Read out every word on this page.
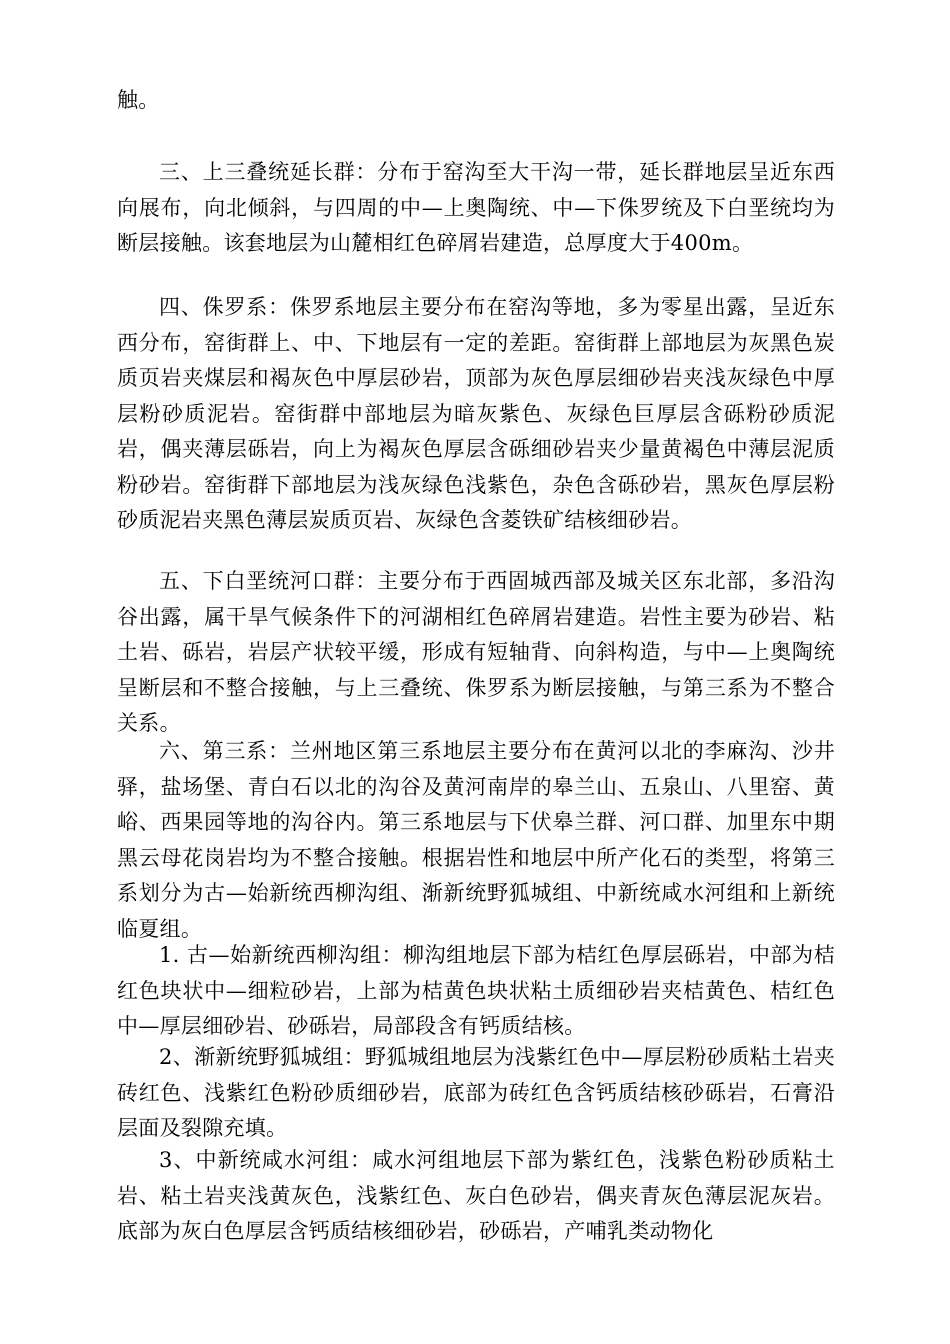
触。

三、上三叠统延长群：分布于窑沟至大干沟一带，延长群地层呈近东西向展布，向北倾斜，与四周的中—上奥陶统、中—下侏罗统及下白垩统均为断层接触。该套地层为山麓相红色碎屑岩建造，总厚度大于400m。

四、侏罗系：侏罗系地层主要分布在窑沟等地，多为零星出露，呈近东西分布，窑街群上、中、下地层有一定的差距。窑街群上部地层为灰黑色炭质页岩夹煤层和褐灰色中厚层砂岩，顶部为灰色厚层细砂岩夹浅灰绿色中厚层粉砂质泥岩。窑街群中部地层为暗灰紫色、灰绿色巨厚层含砾粉砂质泥岩，偶夹薄层砾岩，向上为褐灰色厚层含砾细砂岩夹少量黄褐色中薄层泥质粉砂岩。窑街群下部地层为浅灰绿色浅紫色，杂色含砾砂岩，黑灰色厚层粉砂质泥岩夹黑色薄层炭质页岩、灰绿色含菱铁矿结核细砂岩。

五、下白垩统河口群：主要分布于西固城西部及城关区东北部，多沿沟谷出露，属干旱气候条件下的河湖相红色碎屑岩建造。岩性主要为砂岩、粘土岩、砾岩，岩层产状较平缓，形成有短轴背、向斜构造，与中—上奥陶统呈断层和不整合接触，与上三叠统、侏罗系为断层接触，与第三系为不整合关系。

六、第三系：兰州地区第三系地层主要分布在黄河以北的李麻沟、沙井驿，盐场堡、青白石以北的沟谷及黄河南岸的皋兰山、五泉山、八里窑、黄峪、西果园等地的沟谷内。第三系地层与下伏皋兰群、河口群、加里东中期黑云母花岗岩均为不整合接触。根据岩性和地层中所产化石的类型，将第三系划分为古—始新统西柳沟组、渐新统野狐城组、中新统咸水河组和上新统临夏组。

1. 古—始新统西柳沟组：柳沟组地层下部为桔红色厚层砾岩，中部为桔红色块状中—细粒砂岩，上部为桔黄色块状粘土质细砂岩夹桔黄色、桔红色中—厚层细砂岩、砂砾岩，局部段含有钙质结核。

2、渐新统野狐城组：野狐城组地层为浅紫红色中—厚层粉砂质粘土岩夹砖红色、浅紫红色粉砂质细砂岩，底部为砖红色含钙质结核砂砾岩，石膏沿层面及裂隙充填。

3、中新统咸水河组：咸水河组地层下部为紫红色，浅紫色粉砂质粘土岩、粘土岩夹浅黄灰色，浅紫红色、灰白色砂岩，偶夹青灰色薄层泥灰岩。底部为灰白色厚层含钙质结核细砂岩，砂砾岩，产哺乳类动物化
